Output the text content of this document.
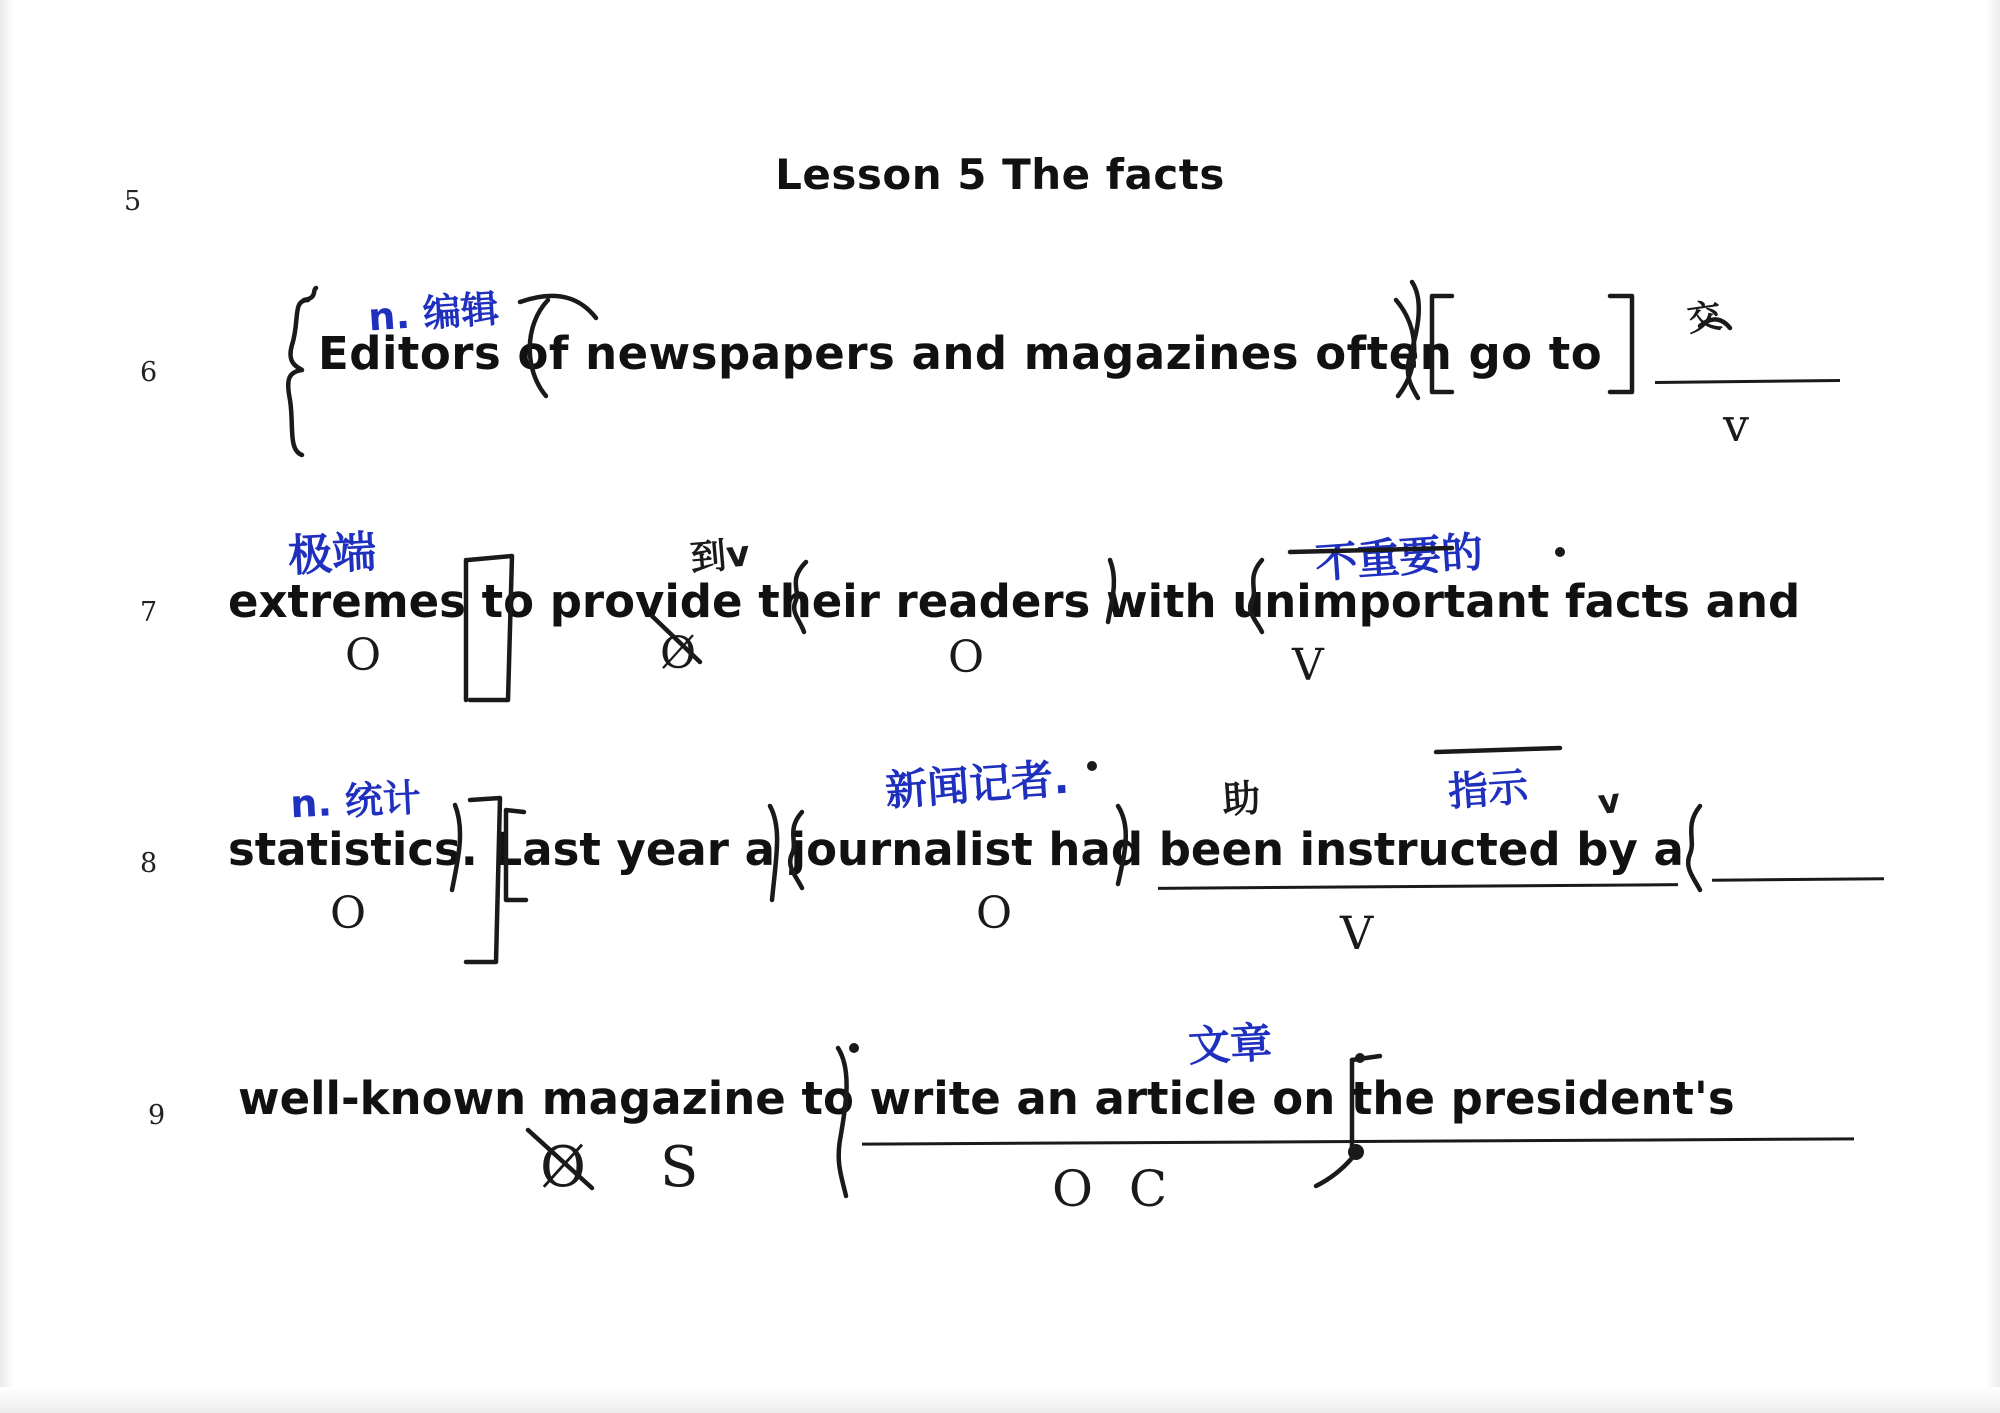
Lesson 5 The facts
5
6
7
8
9
Editors of newspapers and magazines often go to
extremes to provide their readers with unimportant facts and
statistics. Last year a journalist had been instructed by a
well-known magazine to write an article on the president's
n. 编辑
极端	到v	不重要的
n. 统计	新闻记者.	助	指示 v
文章
交
O	Ø	O	V
O	O	V
v
Ø S	O C
